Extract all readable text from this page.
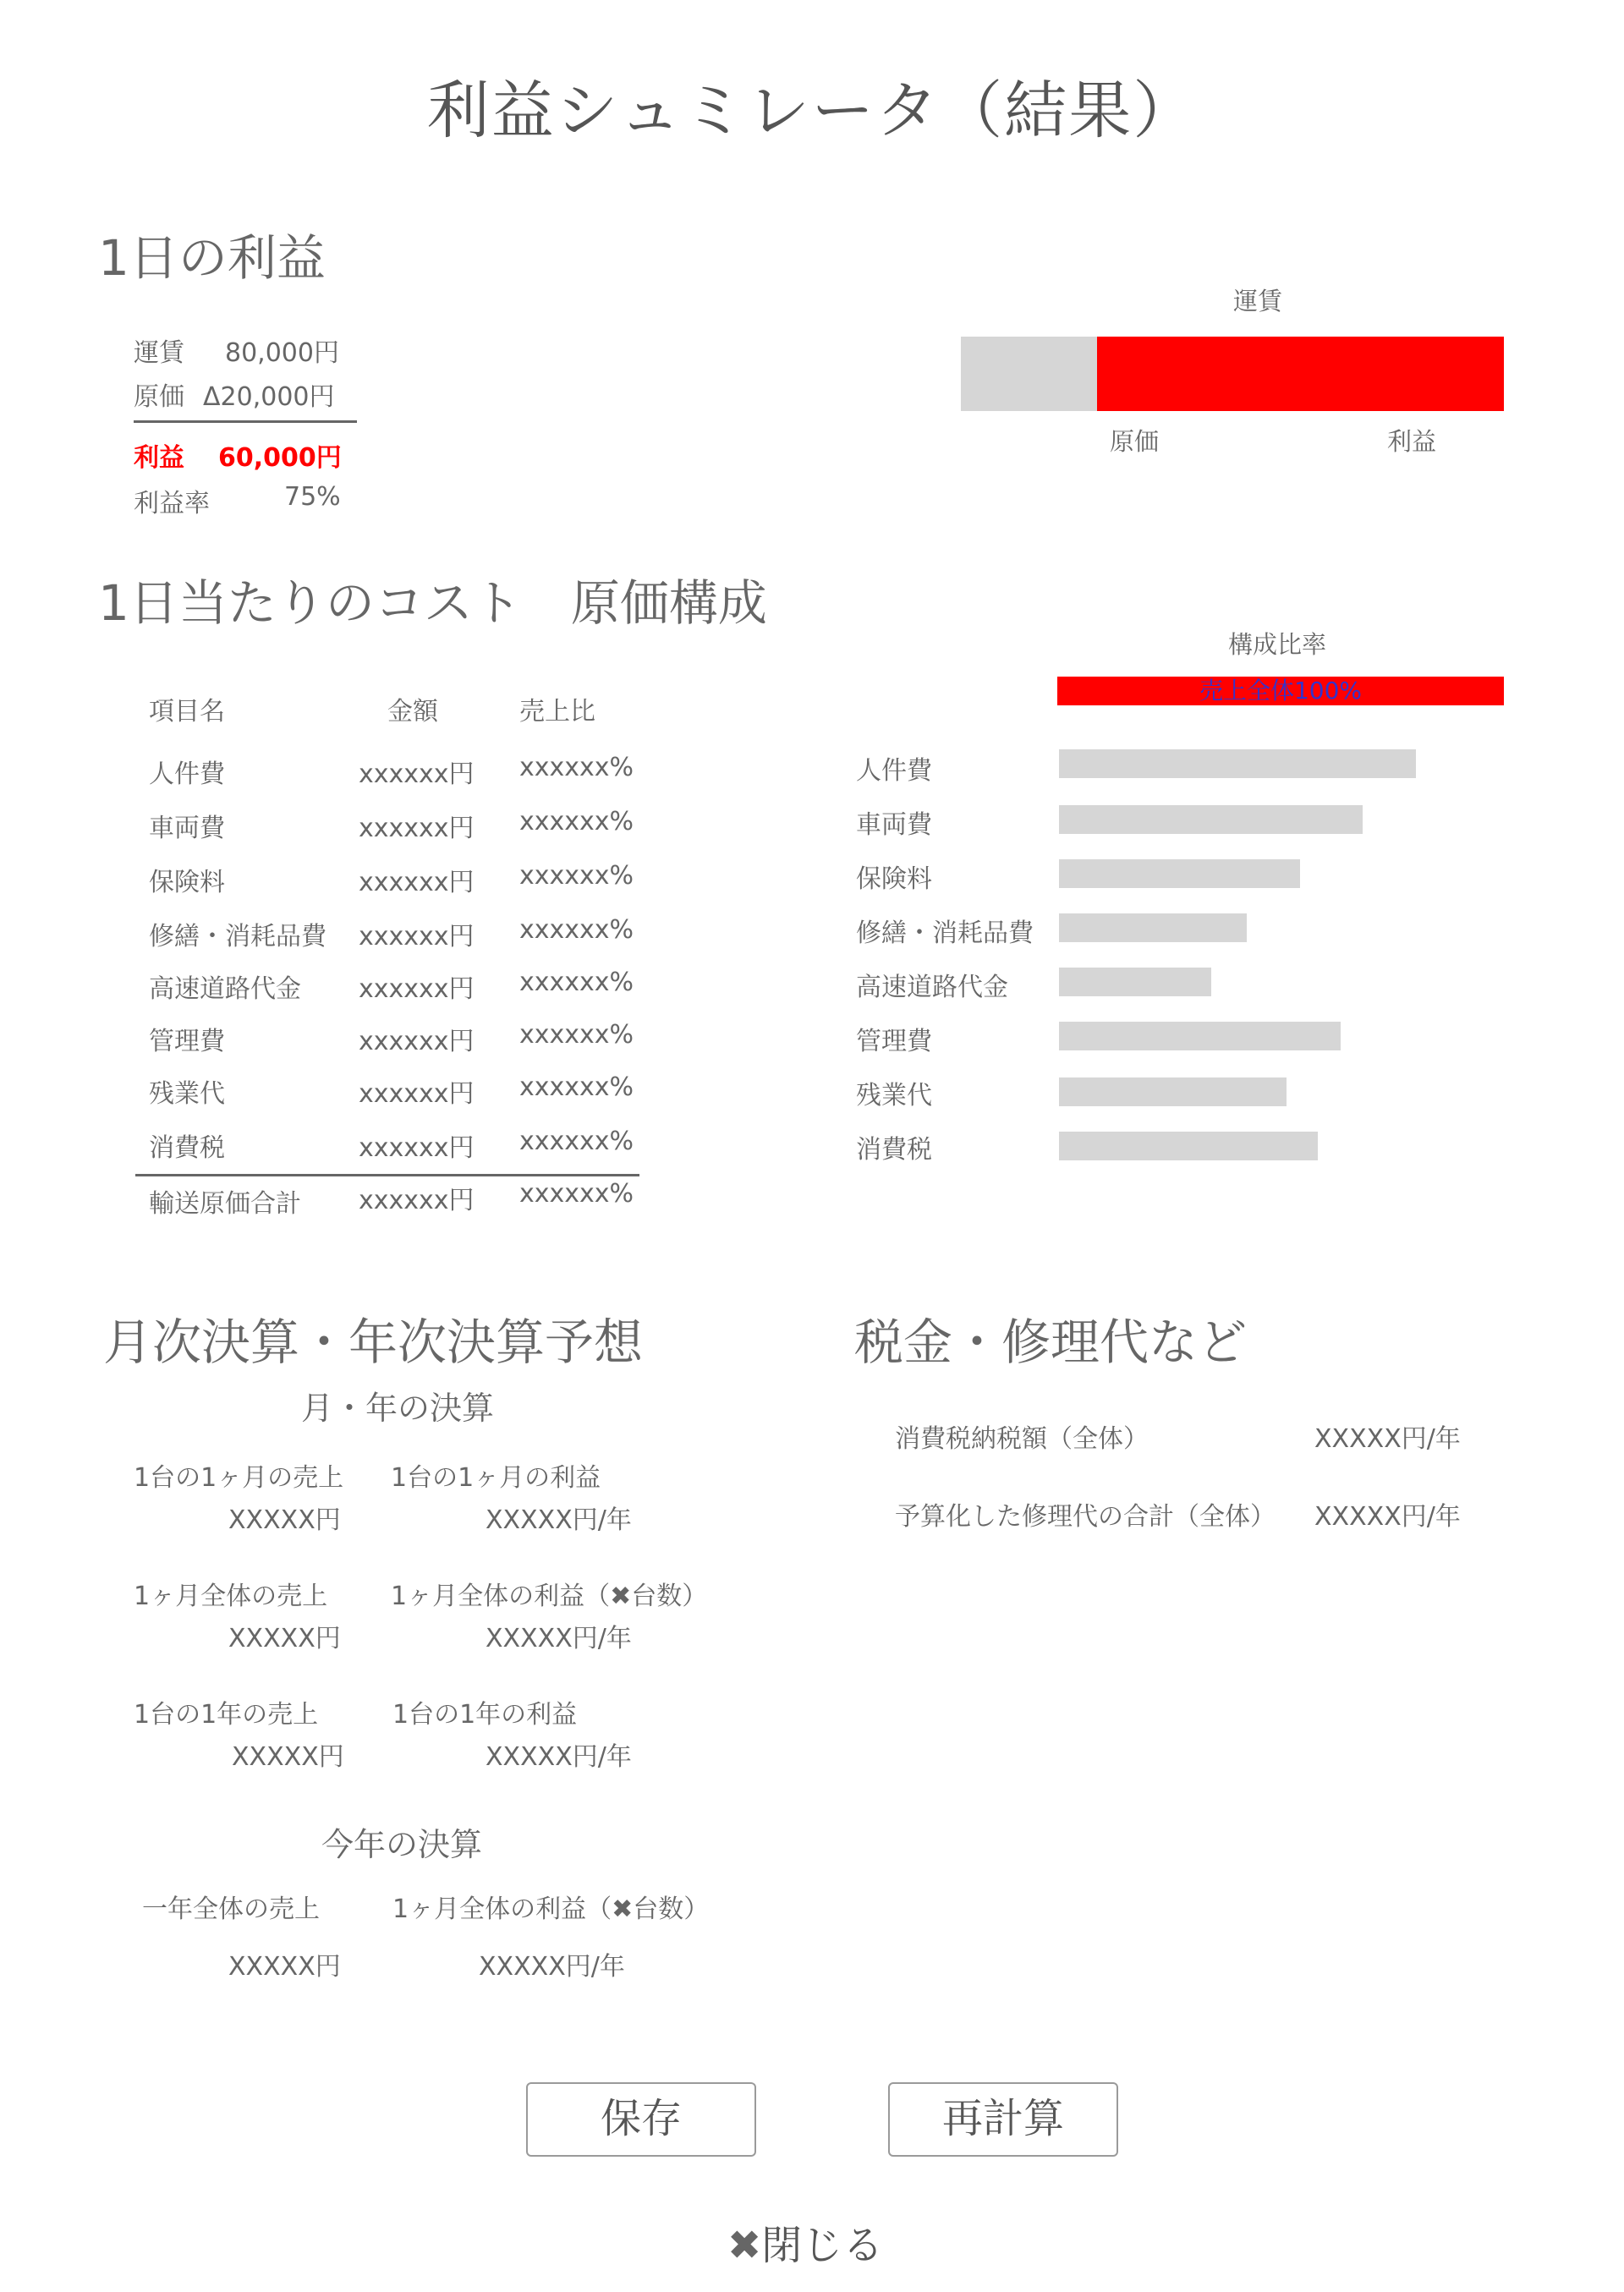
利益シュミレータ（結果）
1日の利益
運賃 80,000円
原価 Δ20,000円
利益 60,000円
利益率	75%
運賃
原価	利益
1日当たりのコスト　原価構成
項目名	金額	売上比
人件費	xxxxxx円 xxxxxx%
車両費	xxxxxx円 xxxxxx%
保険料	xxxxxx円 xxxxxx%
修繕・消耗品費 xxxxxx円 xxxxxx%
高速道路代金 xxxxxx円 xxxxxx%
管理費	xxxxxx円 xxxxxx%
残業代	xxxxxx円 xxxxxx%
消費税	xxxxxx円 xxxxxx%
輸送原価合計 xxxxxx円 xxxxxx%
構成比率
売上全体100%
人件費
車両費
保険料
修繕・消耗品費
高速道路代金
管理費
残業代
消費税
月次決算・年次決算予想
月・年の決算
1台の1ヶ月の売上 1台の1ヶ月の利益
XXXXX円	XXXXX円/年
1ヶ月全体の売上 1ヶ月全体の利益（✖台数）
XXXXX円	XXXXX円/年
1台の1年の売上	1台の1年の利益
XXXXX円	XXXXX円/年
今年の決算
一年全体の売上	1ヶ月全体の利益（✖台数）
XXXXX円	XXXXX円/年
税金・修理代など
消費税納税額（全体）	XXXXX円/年
予算化した修理代の合計（全体） XXXXX円/年
保存	再計算
✖閉じる
